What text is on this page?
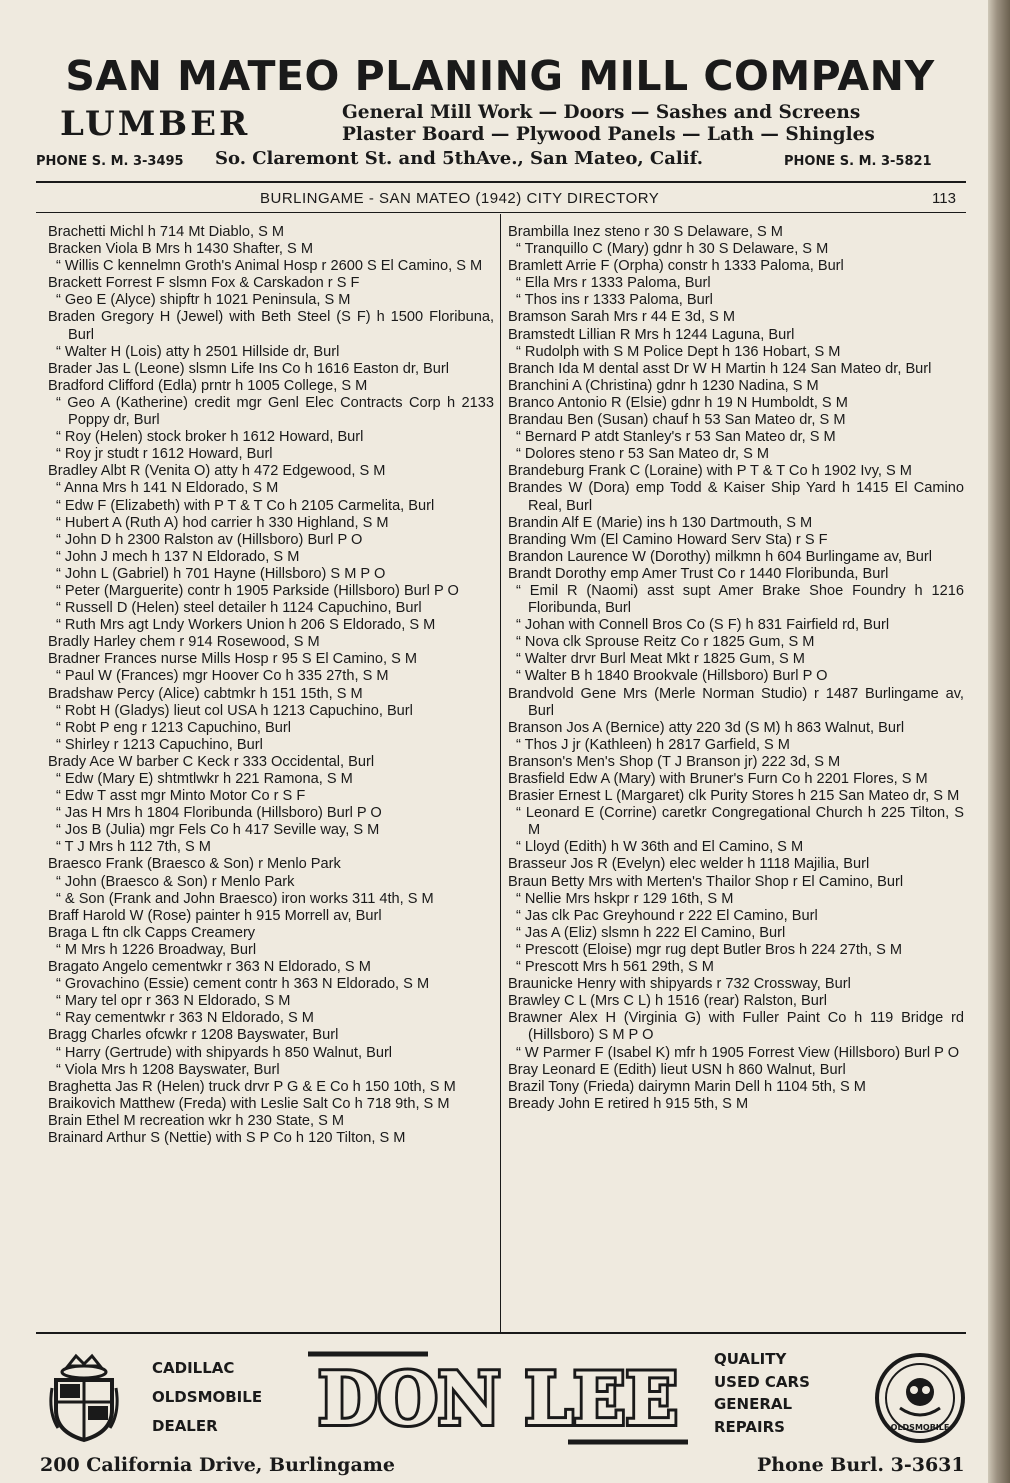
SAN MATEO PLANING MILL COMPANY
LUMBER	General Mill Work — Doors — Sashes and Screens
Plaster Board — Plywood Panels — Lath — Shingles
PHONE S. M. 3-3495 So. Claremont St. and 5thAve., San Mateo, Calif.	PHONE S. M. 3-5821
BURLINGAME - SAN MATEO (1942) CITY DIRECTORY	113
Brachetti Michl h 714 Mt Diablo, S M
Bracken Viola B Mrs h 1430 Shafter, S M
“ Willis C kennelmn Groth's Animal Hosp r 2600 S El Camino, S M
Brackett Forrest F slsmn Fox & Carskadon r S F
“ Geo E (Alyce) shipftr h 1021 Peninsula, S M
Braden Gregory H (Jewel) with Beth Steel (S F) h 1500 Floribuna, Burl
“ Walter H (Lois) atty h 2501 Hillside dr, Burl
Brader Jas L (Leone) slsmn Life Ins Co h 1616 Easton dr, Burl
Bradford Clifford (Edla) prntr h 1005 College, S M
“ Geo A (Katherine) credit mgr Genl Elec Contracts Corp h 2133 Poppy dr, Burl
“ Roy (Helen) stock broker h 1612 Howard, Burl
“ Roy jr studt r 1612 Howard, Burl
Bradley Albt R (Venita O) atty h 472 Edgewood, S M
“ Anna Mrs h 141 N Eldorado, S M
“ Edw F (Elizabeth) with P T & T Co h 2105 Carmelita, Burl
“ Hubert A (Ruth A) hod carrier h 330 Highland, S M
“ John D h 2300 Ralston av (Hillsboro) Burl P O
“ John J mech h 137 N Eldorado, S M
“ John L (Gabriel) h 701 Hayne (Hillsboro) S M P O
“ Peter (Marguerite) contr h 1905 Parkside (Hillsboro) Burl P O
“ Russell D (Helen) steel detailer h 1124 Capuchino, Burl
“ Ruth Mrs agt Lndy Workers Union h 206 S Eldorado, S M
Bradly Harley chem r 914 Rosewood, S M
Bradner Frances nurse Mills Hosp r 95 S El Camino, S M
“ Paul W (Frances) mgr Hoover Co h 335 27th, S M
Bradshaw Percy (Alice) cabtmkr h 151 15th, S M
“ Robt H (Gladys) lieut col USA h 1213 Capuchino, Burl
“ Robt P eng r 1213 Capuchino, Burl
“ Shirley r 1213 Capuchino, Burl
Brady Ace W barber C Keck r 333 Occidental, Burl
“ Edw (Mary E) shtmtlwkr h 221 Ramona, S M
“ Edw T asst mgr Minto Motor Co r S F
“ Jas H Mrs h 1804 Floribunda (Hillsboro) Burl P O
“ Jos B (Julia) mgr Fels Co h 417 Seville way, S M
“ T J Mrs h 112 7th, S M
Braesco Frank (Braesco & Son) r Menlo Park
“ John (Braesco & Son) r Menlo Park
“ & Son (Frank and John Braesco) iron works 311 4th, S M
Braff Harold W (Rose) painter h 915 Morrell av, Burl
Braga L ftn clk Capps Creamery
“ M Mrs h 1226 Broadway, Burl
Bragato Angelo cementwkr r 363 N Eldorado, S M
“ Grovachino (Essie) cement contr h 363 N Eldorado, S M
“ Mary tel opr r 363 N Eldorado, S M
“ Ray cementwkr r 363 N Eldorado, S M
Bragg Charles ofcwkr r 1208 Bayswater, Burl
“ Harry (Gertrude) with shipyards h 850 Walnut, Burl
“ Viola Mrs h 1208 Bayswater, Burl
Braghetta Jas R (Helen) truck drvr P G & E Co h 150 10th, S M
Braikovich Matthew (Freda) with Leslie Salt Co h 718 9th, S M
Brain Ethel M recreation wkr h 230 State, S M
Brainard Arthur S (Nettie) with S P Co h 120 Tilton, S M
Brambilla Inez steno r 30 S Delaware, S M
“ Tranquillo C (Mary) gdnr h 30 S Delaware, S M
Bramlett Arrie F (Orpha) constr h 1333 Paloma, Burl
“ Ella Mrs r 1333 Paloma, Burl
“ Thos ins r 1333 Paloma, Burl
Bramson Sarah Mrs r 44 E 3d, S M
Bramstedt Lillian R Mrs h 1244 Laguna, Burl
“ Rudolph with S M Police Dept h 136 Hobart, S M
Branch Ida M dental asst Dr W H Martin h 124 San Mateo dr, Burl
Branchini A (Christina) gdnr h 1230 Nadina, S M
Branco Antonio R (Elsie) gdnr h 19 N Humboldt, S M
Brandau Ben (Susan) chauf h 53 San Mateo dr, S M
“ Bernard P atdt Stanley's r 53 San Mateo dr, S M
“ Dolores steno r 53 San Mateo dr, S M
Brandeburg Frank C (Loraine) with P T & T Co h 1902 Ivy, S M
Brandes W (Dora) emp Todd & Kaiser Ship Yard h 1415 El Camino Real, Burl
Brandin Alf E (Marie) ins h 130 Dartmouth, S M
Branding Wm (El Camino Howard Serv Sta) r S F
Brandon Laurence W (Dorothy) milkmn h 604 Burlingame av, Burl
Brandt Dorothy emp Amer Trust Co r 1440 Floribunda, Burl
“ Emil R (Naomi) asst supt Amer Brake Shoe Foundry h 1216 Floribunda, Burl
“ Johan with Connell Bros Co (S F) h 831 Fairfield rd, Burl
“ Nova clk Sprouse Reitz Co r 1825 Gum, S M
“ Walter drvr Burl Meat Mkt r 1825 Gum, S M
“ Walter B h 1840 Brookvale (Hillsboro) Burl P O
Brandvold Gene Mrs (Merle Norman Studio) r 1487 Burlingame av, Burl
Branson Jos A (Bernice) atty 220 3d (S M) h 863 Walnut, Burl
“ Thos J jr (Kathleen) h 2817 Garfield, S M
Branson's Men's Shop (T J Branson jr) 222 3d, S M
Brasfield Edw A (Mary) with Bruner's Furn Co h 2201 Flores, S M
Brasier Ernest L (Margaret) clk Purity Stores h 215 San Mateo dr, S M
“ Leonard E (Corrine) caretkr Congregational Church h 225 Tilton, S M
“ Lloyd (Edith) h W 36th and El Camino, S M
Brasseur Jos R (Evelyn) elec welder h 1118 Majilia, Burl
Braun Betty Mrs with Merten's Thailor Shop r El Camino, Burl
“ Nellie Mrs hskpr r 129 16th, S M
“ Jas clk Pac Greyhound r 222 El Camino, Burl
“ Jas A (Eliz) slsmn h 222 El Camino, Burl
“ Prescott (Eloise) mgr rug dept Butler Bros h 224 27th, S M
“ Prescott Mrs h 561 29th, S M
Braunicke Henry with shipyards r 732 Crossway, Burl
Brawley C L (Mrs C L) h 1516 (rear) Ralston, Burl
Brawner Alex H (Virginia G) with Fuller Paint Co h 119 Bridge rd (Hillsboro) S M P O
“ W Parmer F (Isabel K) mfr h 1905 Forrest View (Hillsboro) Burl P O
Bray Leonard E (Edith) lieut USN h 860 Walnut, Burl
Brazil Tony (Frieda) dairymn Marin Dell h 1104 5th, S M
Bready John E retired h 915 5th, S M
CADILLAC
OLDSMOBILE
DEALER	DON LEE QUALITY
USED CARS
GENERAL
REPAIRS	OLDSMOBILE
200 California Drive, Burlingame	Phone Burl. 3-3631
